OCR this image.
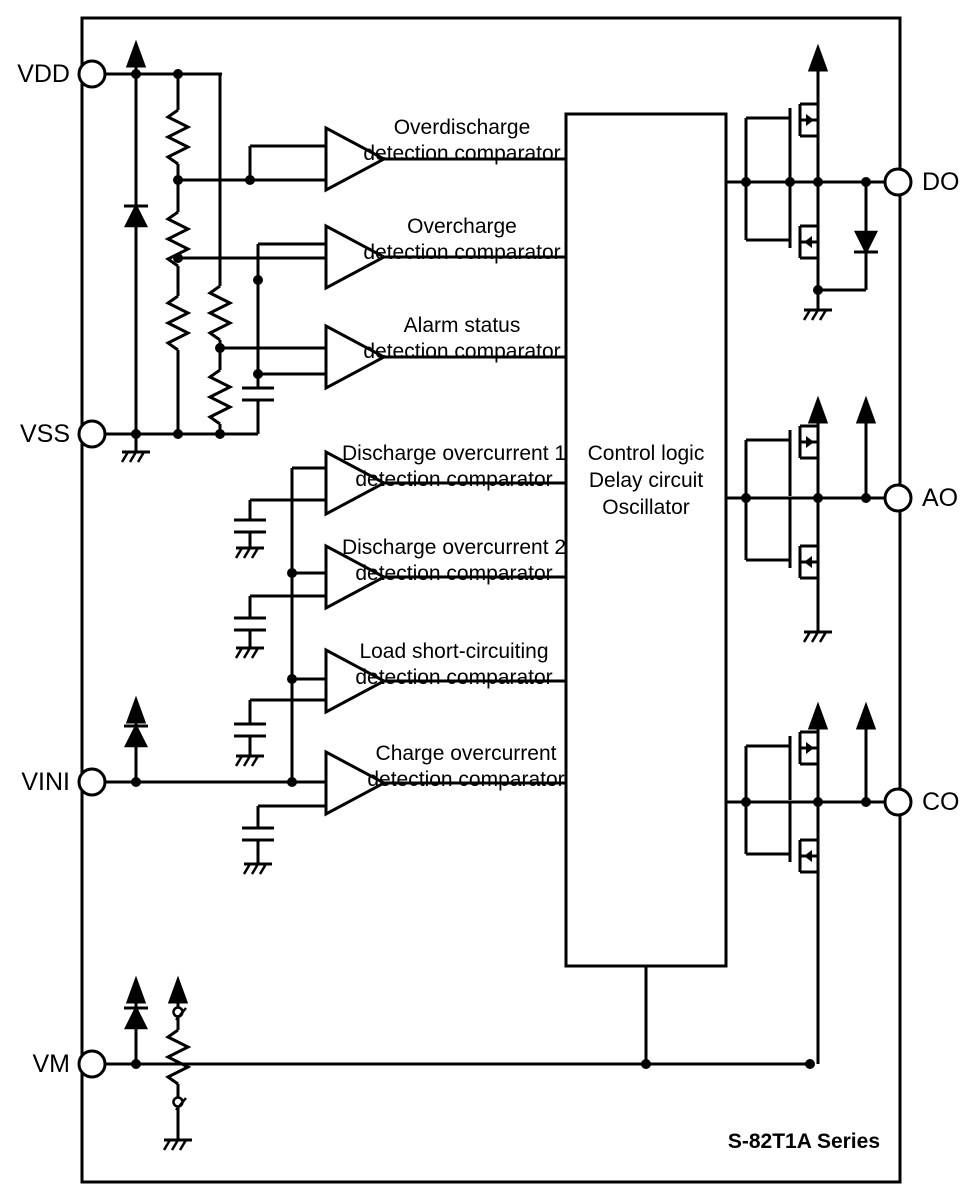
VDD
VSS
VINI
VM
DO
AO
CO
Overdischarge
detection comparator
Overcharge
detection comparator
Alarm status
detection comparator
Discharge overcurrent 1
detection comparator
Discharge overcurrent 2
detection comparator
Load short-circuiting
detection comparator
Charge overcurrent
detection comparator
Control logic
Delay circuit
Oscillator
S-82T1A Series
